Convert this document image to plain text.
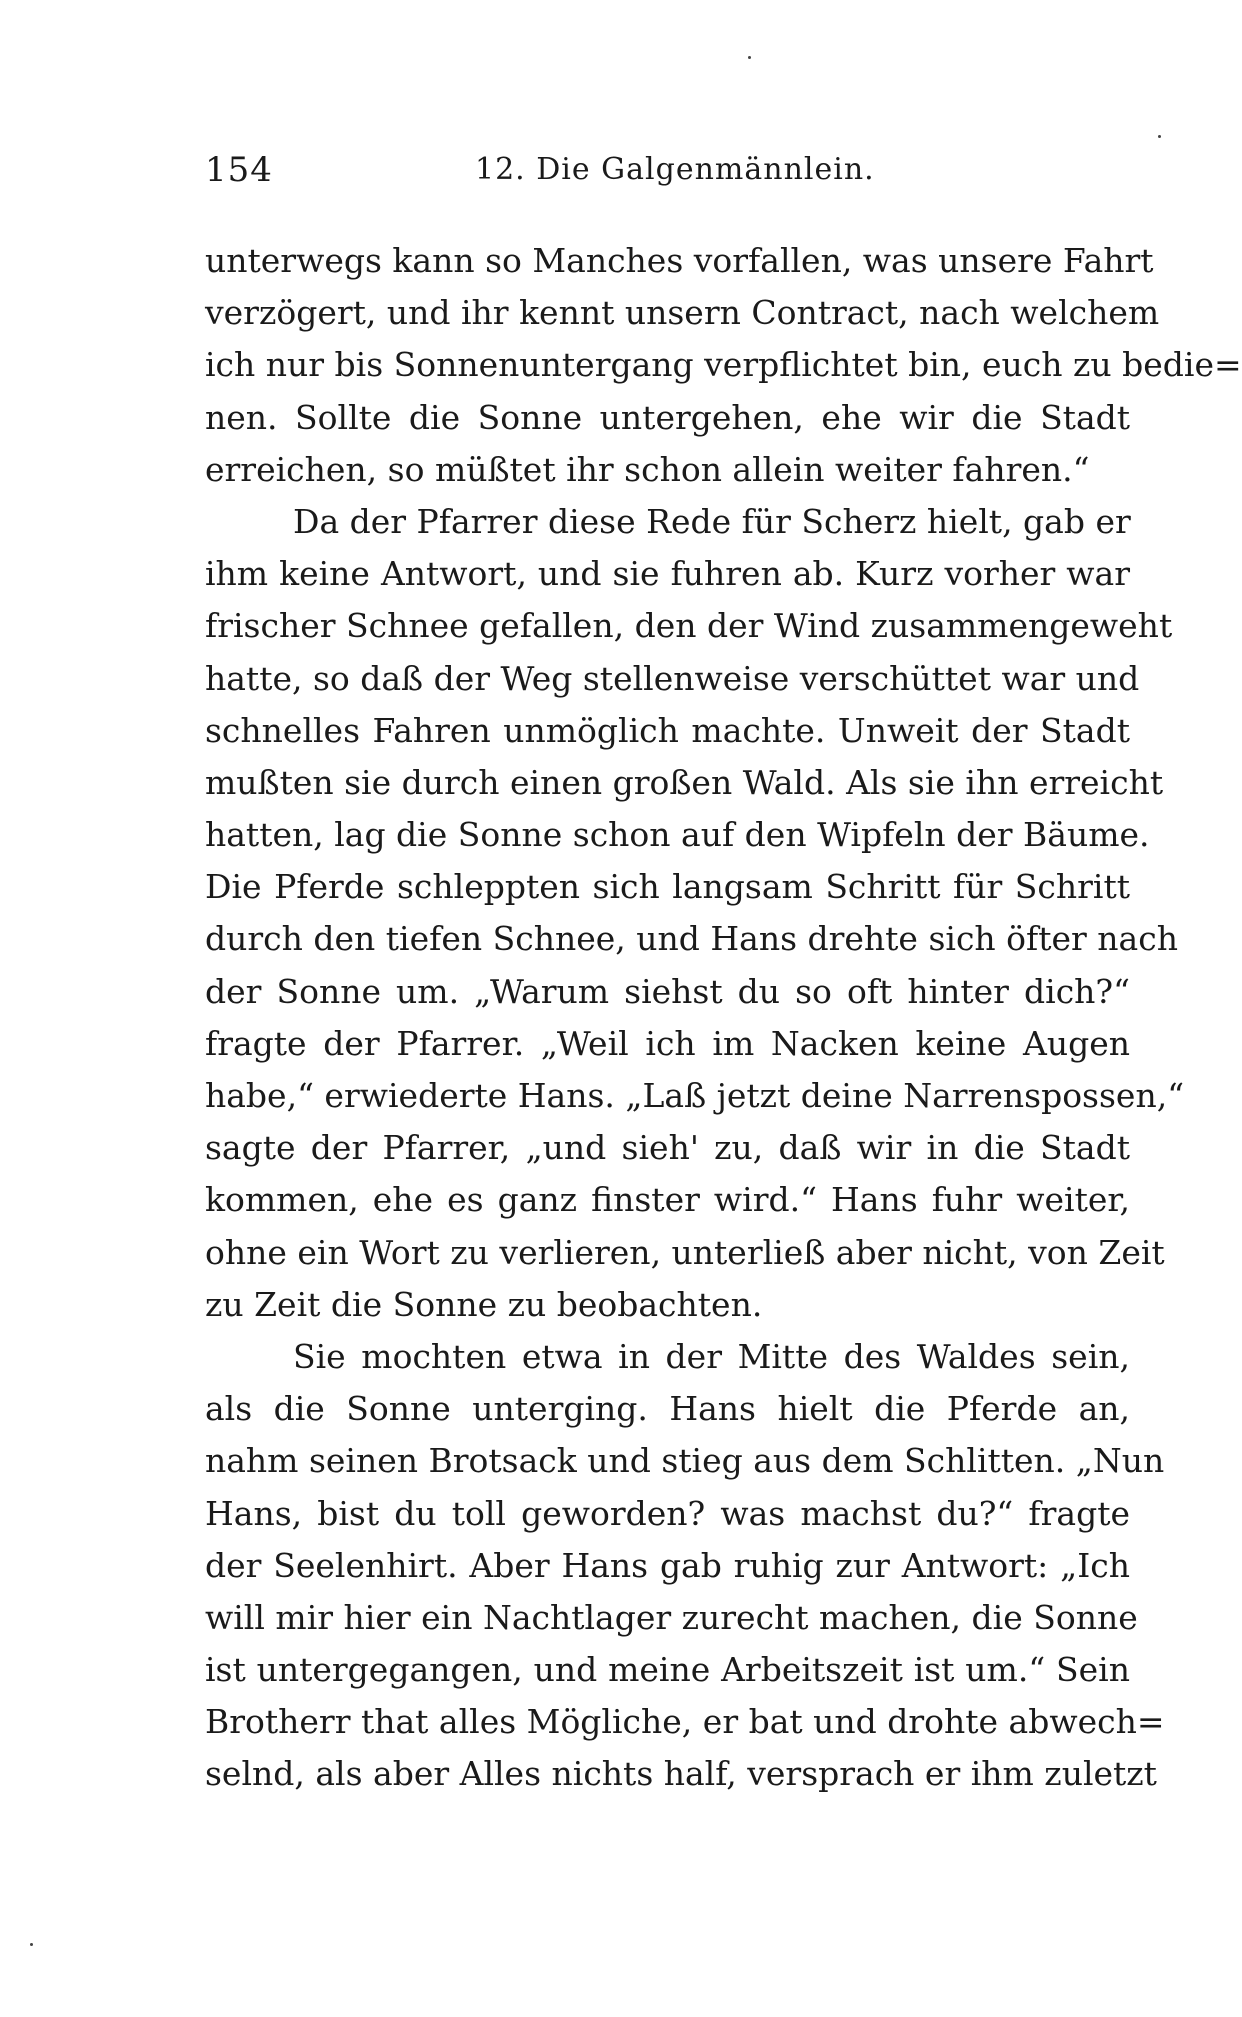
154	12. Die Galgenmännlein.
unterwegs kann so Manches vorfallen, was unsere Fahrt
verzögert, und ihr kennt unsern Contract, nach welchem
ich nur bis Sonnenuntergang verpflichtet bin, euch zu bedie=
nen. Sollte die Sonne untergehen, ehe wir die Stadt
erreichen, so müßtet ihr schon allein weiter fahren.“
Da der Pfarrer diese Rede für Scherz hielt, gab er
ihm keine Antwort, und sie fuhren ab. Kurz vorher war
frischer Schnee gefallen, den der Wind zusammengeweht
hatte, so daß der Weg stellenweise verschüttet war und
schnelles Fahren unmöglich machte. Unweit der Stadt
mußten sie durch einen großen Wald. Als sie ihn erreicht
hatten, lag die Sonne schon auf den Wipfeln der Bäume.
Die Pferde schleppten sich langsam Schritt für Schritt
durch den tiefen Schnee, und Hans drehte sich öfter nach
der Sonne um. „Warum siehst du so oft hinter dich?“
fragte der Pfarrer. „Weil ich im Nacken keine Augen
habe,“ erwiederte Hans. „Laß jetzt deine Narrenspossen,“
sagte der Pfarrer, „und sieh' zu, daß wir in die Stadt
kommen, ehe es ganz finster wird.“ Hans fuhr weiter,
ohne ein Wort zu verlieren, unterließ aber nicht, von Zeit
zu Zeit die Sonne zu beobachten.
Sie mochten etwa in der Mitte des Waldes sein,
als die Sonne unterging. Hans hielt die Pferde an,
nahm seinen Brotsack und stieg aus dem Schlitten. „Nun
Hans, bist du toll geworden? was machst du?“ fragte
der Seelenhirt. Aber Hans gab ruhig zur Antwort: „Ich
will mir hier ein Nachtlager zurecht machen, die Sonne
ist untergegangen, und meine Arbeitszeit ist um.“ Sein
Brotherr that alles Mögliche, er bat und drohte abwech=
selnd, als aber Alles nichts half, versprach er ihm zuletzt
